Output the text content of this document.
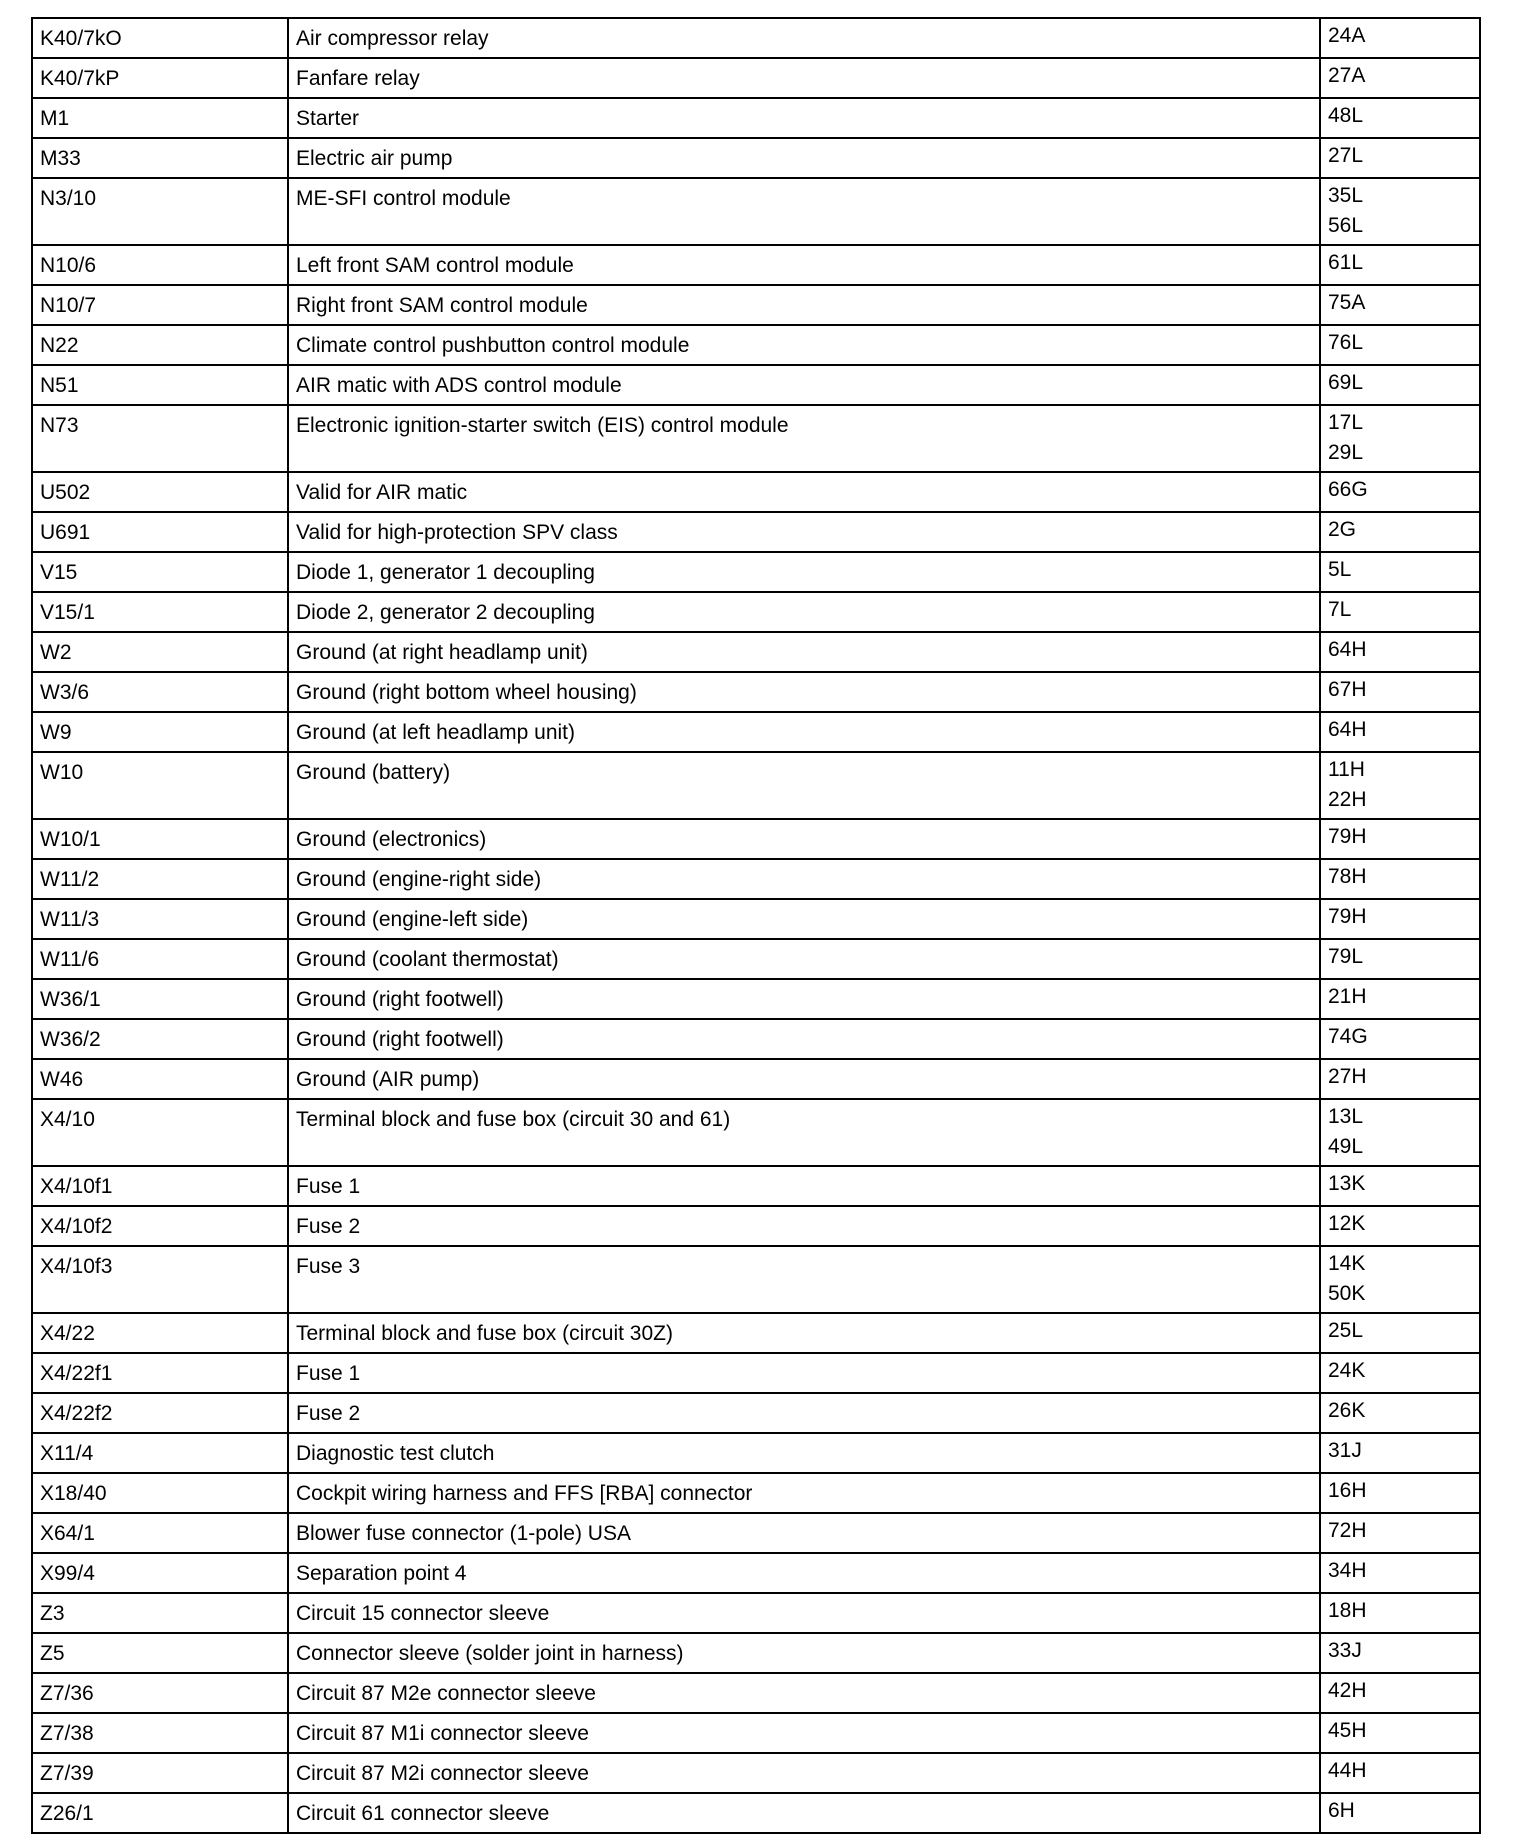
K40/7kO	Air compressor relay	24A

K40/7kP	Fanfare relay	27A

M1	Starter	48L

M33	Electric air pump	27L

N3/10	ME-SFI control module	35L
56L

N10/6	Left front SAM control module	61L

N10/7	Right front SAM control module	75A

N22	Climate control pushbutton control module	76L

N51	AIR matic with ADS control module	69L

N73	Electronic ignition-starter switch (EIS) control module	17L
29L

U502	Valid for AIR matic	66G

U691	Valid for high-protection SPV class	2G

V15	Diode 1, generator 1 decoupling	5L

V15/1	Diode 2, generator 2 decoupling	7L

W2	Ground (at right headlamp unit)	64H

W3/6	Ground (right bottom wheel housing)	67H

W9	Ground (at left headlamp unit)	64H

W10	Ground (battery)	11H
22H

W10/1	Ground (electronics)	79H

W11/2	Ground (engine-right side)	78H

W11/3	Ground (engine-left side)	79H

W11/6	Ground (coolant thermostat)	79L

W36/1	Ground (right footwell)	21H

W36/2	Ground (right footwell)	74G

W46	Ground (AIR pump)	27H

X4/10	Terminal block and fuse box (circuit 30 and 61)	13L
49L

X4/10f1	Fuse 1	13K

X4/10f2	Fuse 2	12K

X4/10f3	Fuse 3	14K
50K

X4/22	Terminal block and fuse box (circuit 30Z)	25L

X4/22f1	Fuse 1	24K

X4/22f2	Fuse 2	26K

X11/4	Diagnostic test clutch	31J

X18/40	Cockpit wiring harness and FFS [RBA] connector	16H

X64/1	Blower fuse connector (1-pole) USA	72H

X99/4	Separation point 4	34H

Z3	Circuit 15 connector sleeve	18H

Z5	Connector sleeve (solder joint in harness)	33J

Z7/36	Circuit 87 M2e connector sleeve	42H

Z7/38	Circuit 87 M1i connector sleeve	45H

Z7/39	Circuit 87 M2i connector sleeve	44H

Z26/1	Circuit 61 connector sleeve	6H
